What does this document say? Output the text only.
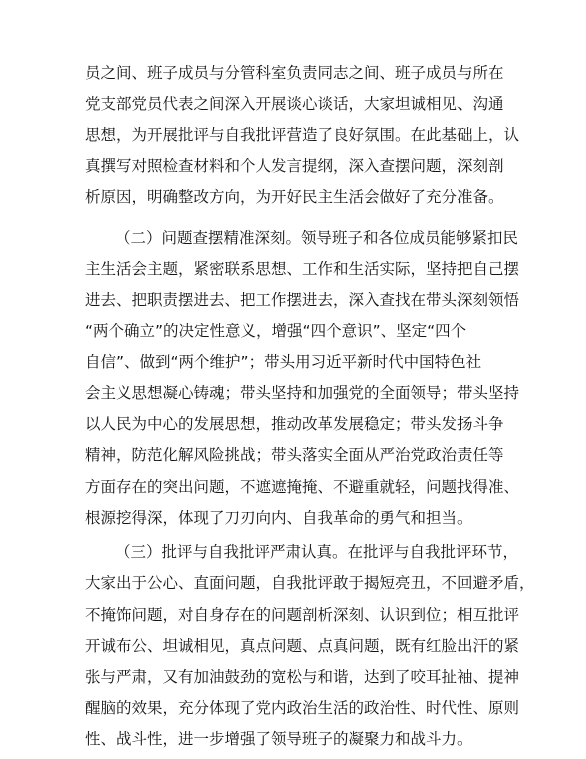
员之间、班子成员与分管科室负责同志之间、班子成员与所在
党支部党员代表之间深入开展谈心谈话，大家坦诚相见、沟通
思想，为开展批评与自我批评营造了良好氛围。在此基础上，认
真撰写对照检查材料和个人发言提纲，深入查摆问题，深刻剖
析原因，明确整改方向，为开好民主生活会做好了充分准备。
（二）问题查摆精准深刻。领导班子和各位成员能够紧扣民
主生活会主题，紧密联系思想、工作和生活实际，坚持把自己摆
进去、把职责摆进去、把工作摆进去，深入查找在带头深刻领悟
“两个确立”的决定性意义，增强“四个意识”、坚定“四个
自信”、做到“两个维护”；带头用习近平新时代中国特色社
会主义思想凝心铸魂；带头坚持和加强党的全面领导；带头坚持
以人民为中心的发展思想，推动改革发展稳定；带头发扬斗争
精神，防范化解风险挑战；带头落实全面从严治党政治责任等
方面存在的突出问题，不遮遮掩掩、不避重就轻，问题找得准、
根源挖得深，体现了刀刃向内、自我革命的勇气和担当。
（三）批评与自我批评严肃认真。在批评与自我批评环节，
大家出于公心、直面问题，自我批评敢于揭短亮丑，不回避矛盾，
不掩饰问题，对自身存在的问题剖析深刻、认识到位；相互批评
开诚布公、坦诚相见，真点问题、点真问题，既有红脸出汗的紧
张与严肃，又有加油鼓劲的宽松与和谐，达到了咬耳扯袖、提神
醒脑的效果，充分体现了党内政治生活的政治性、时代性、原则
性、战斗性，进一步增强了领导班子的凝聚力和战斗力。
